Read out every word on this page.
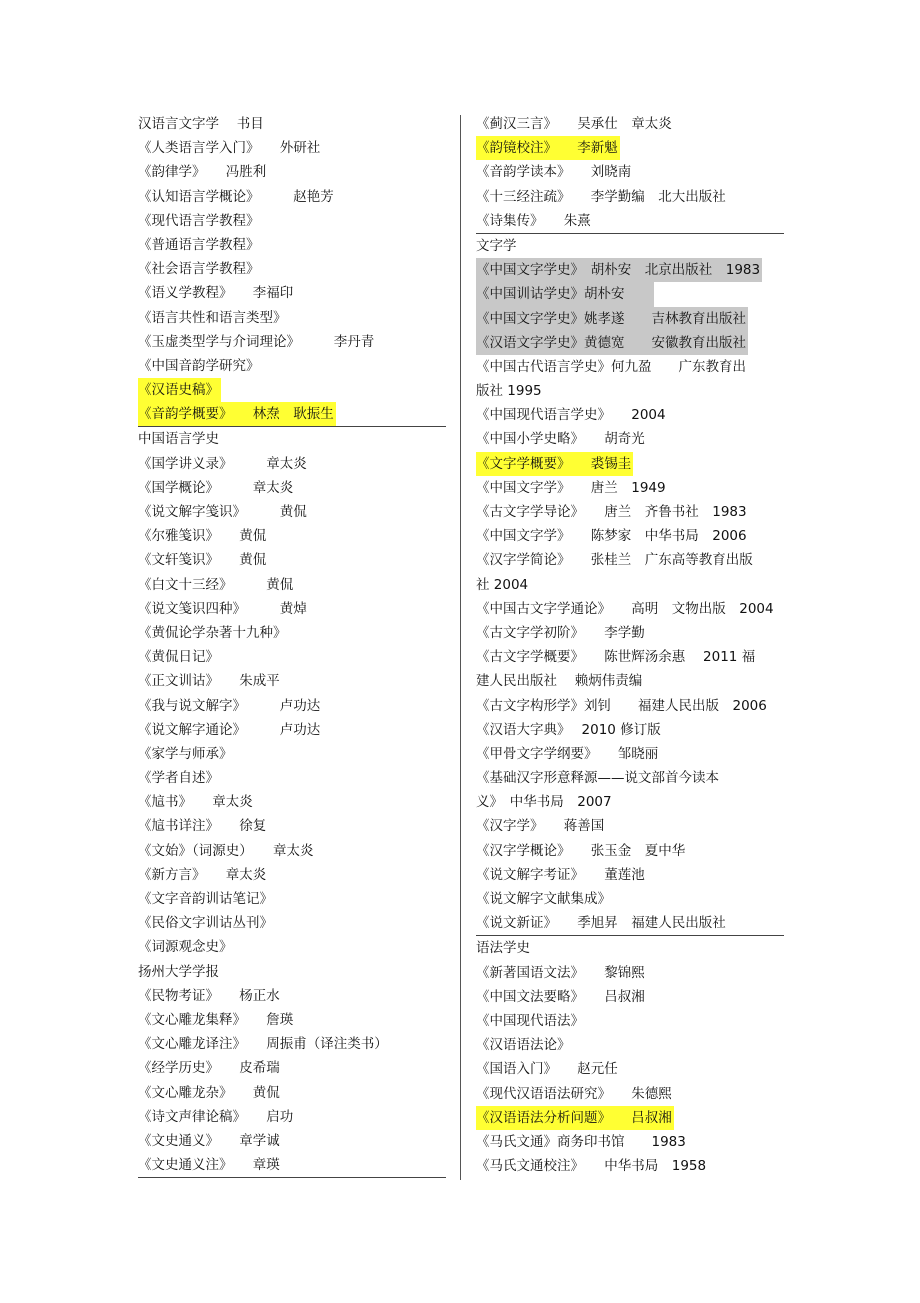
汉语言文字学　 书目
《人类语言学入门》　　外研社
《韵律学》　　冯胜利
《认知语言学概论》　　　赵艳芳
《现代语言学教程》
《普通语言学教程》
《社会语言学教程》
《语义学教程》　　李福印
《语言共性和语言类型》
《玉虚类型学与介词理论》　　　李丹青
《中国音韵学研究》
《汉语史稿》
《音韵学概要》　　林焘　耿振生
中国语言学史
《国学讲义录》　　　章太炎
《国学概论》　　　章太炎
《说文解字笺识》　　　黄侃
《尔雅笺识》　　黄侃
《文轩笺识》　　黄侃
《白文十三经》　　　黄侃
《说文笺识四种》　　　黄焯
《黄侃论学杂著十九种》
《黄侃日记》
《正文训诂》　　朱成平
《我与说文解字》　　　卢功达
《说文解字通论》　　　卢功达
《家学与师承》
《学者自述》
《訄书》　　章太炎
《訄书详注》　　徐复
《文始》（词源史）　　章太炎
《新方言》　　章太炎
《文字音韵训诂笔记》
《民俗文字训诂丛刊》
《词源观念史》
扬州大学学报
《民物考证》　　杨正水
《文心雕龙集释》　　詹瑛
《文心雕龙译注》　　周振甫（译注类书）
《经学历史》　　皮希瑞
《文心雕龙杂》　　黄侃
《诗文声律论稿》　　启功
《文史通义》　　章学诚
《文史通义注》　　章瑛
《蓟汉三言》　　吴承仕　章太炎
《韵镜校注》　　李新魁
《音韵学读本》　　刘晓南
《十三经注疏》　　李学勤编　北大出版社
《诗集传》　　朱熹
文字学
《中国文字学史》　胡朴安　北京出版社　1983
《中国训诂学史》胡朴安　　
《中国文字学史》姚孝遂　　吉林教育出版社
《汉语文字学史》黄德宽　　安徽教育出版社
《中国古代语言学史》何九盈　　广东教育出
版社 1995
《中国现代语言学史》　　2004
《中国小学史略》　　胡奇光
《文字学概要》　　裘锡圭
《中国文字学》　　唐兰　1949
《古文字学导论》　　唐兰　齐鲁书社　1983
《中国文字学》　　陈梦家　中华书局　2006
《汉字学简论》　　张桂兰　广东高等教育出版
社 2004
《中国古文字学通论》　　高明　文物出版　2004
《古文字学初阶》　　李学勤
《古文字学概要》　　陈世辉汤余惠　 2011 福
建人民出版社　 赖炳伟责编
《古文字构形学》刘钊　　福建人民出版　2006
《汉语大字典》　 2010 修订版
《甲骨文字学纲要》　　邹晓丽
《基础汉字形意释源——说文部首今读本
义》　中华书局　2007
《汉字学》　　蒋善国
《汉字学概论》　　张玉金　夏中华
《说文解字考证》　　董莲池
《说文解字文献集成》
《说文新证》　　季旭昇　福建人民出版社
语法学史
《新著国语文法》　　黎锦熙
《中国文法要略》　　吕叔湘
《中国现代语法》
《汉语语法论》
《国语入门》　　赵元任
《现代汉语语法研究》　　朱德熙
《汉语语法分析问题》　　吕叔湘
《马氏文通》商务印书馆　　1983
《马氏文通校注》　　中华书局　1958
